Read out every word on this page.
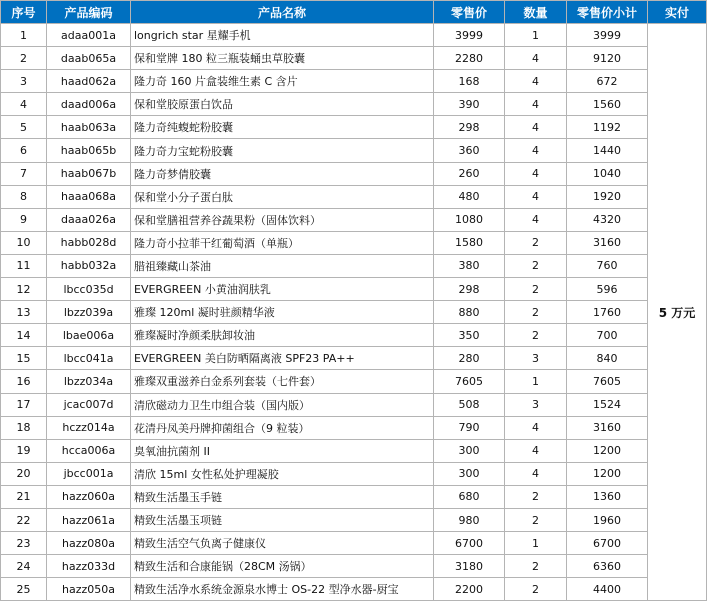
序号	产品编码	产品名称	零售价	数量	零售价小计	实付
1	adaa001a	longrich star 星耀手机	3999	1	3999	5 万元
2	daab065a	保和堂牌 180 粒三瓶装蛹虫草胶囊	2280	4	9120	
3	haad062a	隆力奇 160 片盒装维生素 C 含片	168	4	672	
4	daad006a	保和堂胶原蛋白饮品	390	4	1560	
5	haab063a	隆力奇纯蝮蛇粉胶囊	298	4	1192	
6	haab065b	隆力奇力宝蛇粉胶囊	360	4	1440	
7	haab067b	隆力奇梦倩胶囊	260	4	1040	
8	haaa068a	保和堂小分子蛋白肽	480	4	1920	
9	daaa026a	保和堂膳祖营养谷蔬果粉（固体饮料）	1080	4	4320	
10	habb028d	隆力奇小拉菲干红葡萄酒（单瓶）	1580	2	3160	
11	habb032a	腊祖臻藏山茶油	380	2	760	
12	lbcc035d	EVERGREEN 小黄油润肤乳	298	2	596	
13	lbzz039a	雅璨 120ml 凝时驻颜精华液	880	2	1760	
14	lbae006a	雅璨凝时净颜柔肤卸妆油	350	2	700	
15	lbcc041a	EVERGREEN 美白防晒隔离液 SPF23 PA++	280	3	840	
16	lbzz034a	雅璨双重滋养白金系列套装（七件套）	7605	1	7605	
17	jcac007d	清欣磁动力卫生巾组合装（国内版）	508	3	1524	
18	hczz014a	花清丹凤美丹牌抑菌组合（9 粒装）	790	4	3160	
19	hcca006a	臭氧油抗菌剂 II	300	4	1200	
20	jbcc001a	清欣 15ml 女性私处护理凝胶	300	4	1200	
21	hazz060a	精致生活墨玉手链	680	2	1360	
22	hazz061a	精致生活墨玉项链	980	2	1960	
23	hazz080a	精致生活空气负离子健康仪	6700	1	6700	
24	hazz033d	精致生活和合康能锅（28CM 汤锅）	3180	2	6360	
25	hazz050a	精致生活净水系统金源泉水博士 OS-22 型净水器-厨宝	2200	2	4400	
